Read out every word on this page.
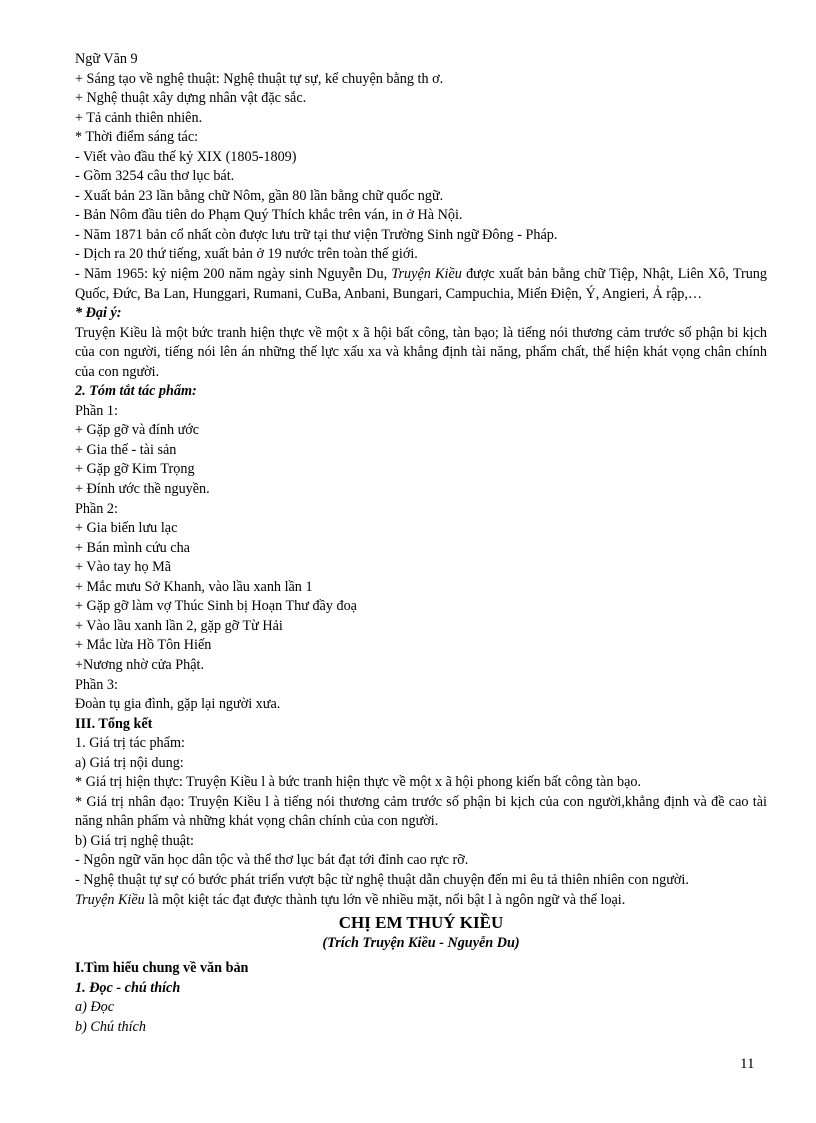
Ngữ Văn 9
+ Sáng tạo về nghệ thuật: Nghệ thuật tự sự, kể chuyện bằng th ơ.
+ Nghệ thuật xây dựng nhân vật đặc sắc.
+ Tả cảnh thiên nhiên.
* Thời điểm sáng tác:
- Viết vào đầu thế kỷ XIX (1805-1809)
- Gồm 3254 câu thơ lục bát.
- Xuất bản 23 lần bằng chữ Nôm, gần 80 lần bằng chữ quốc ngữ.
- Bản Nôm đầu tiên do Phạm Quý Thích khắc trên ván, in ở Hà Nội.
- Năm 1871 bản cổ nhất còn được lưu trữ tại thư viện Trường Sinh ngữ Đông - Pháp.
- Dịch ra 20 thứ tiếng, xuất bản ở 19 nước trên toàn thế giới.
- Năm 1965: kỷ niệm 200 năm ngày sinh Nguyễn Du, Truyện Kiều được xuất bản bằng chữ Tiệp, Nhật, Liên Xô, Trung Quốc, Đức, Ba Lan, Hunggari, Rumani, CuBa, Anbani, Bungari, Campuchia, Miến Điện, Ý, Angieri, Ả rập,…
* Đại ý:
Truyện Kiều là một bức tranh hiện thực về một x ã hội bất công, tàn bạo; là tiếng nói thương cảm trước số phận bi kịch của con người, tiếng nói lên án những thế lực xấu xa và khẳng định tài năng, phẩm chất, thể hiện khát vọng chân chính của con người.
2. Tóm tắt tác phẩm:
Phần 1:
+ Gặp gỡ và đính ước
+ Gia thế - tài sản
+ Gặp gỡ Kim Trọng
+ Đính ước thề nguyền.
Phần 2:
+ Gia biến lưu lạc
+ Bán mình cứu cha
+ Vào tay họ Mã
+ Mắc mưu Sở Khanh, vào lầu xanh lần 1
+ Gặp gỡ làm vợ Thúc Sinh bị Hoạn Thư đầy đoạ
+ Vào lầu xanh lần 2, gặp gỡ Từ Hải
+ Mắc lừa Hồ Tôn Hiến
+Nương nhờ cửa Phật.
Phần 3:
Đoàn tụ gia đình, gặp lại người xưa.
III. Tổng kết
1. Giá trị tác phẩm:
a) Giá trị nội dung:
* Giá trị hiện thực: Truyện Kiều l à bức tranh hiện thực về một x ã hội phong kiến bất công tàn bạo.
* Giá trị nhân đạo: Truyện Kiều l à tiếng nói thương cảm trước số phận bi kịch của con người,khẳng định và đề cao tài năng nhân phẩm và những khát vọng chân chính của con người.
b) Giá trị nghệ thuật:
- Ngôn ngữ văn học dân tộc và thể thơ lục bát đạt tới đỉnh cao rực rỡ.
- Nghệ thuật tự sự có bước phát triển vượt bậc từ nghệ thuật dẫn chuyện đến mi êu tả thiên nhiên con người.
Truyện Kiều là một kiệt tác đạt được thành tựu lớn về nhiều mặt, nổi bật l à ngôn ngữ và thể loại.
CHỊ EM THUÝ KIỀU
(Trích Truyện Kiều - Nguyễn Du)
I.Tìm hiểu chung về văn bản
1. Đọc - chú thích
a) Đọc
b) Chú thích
11
